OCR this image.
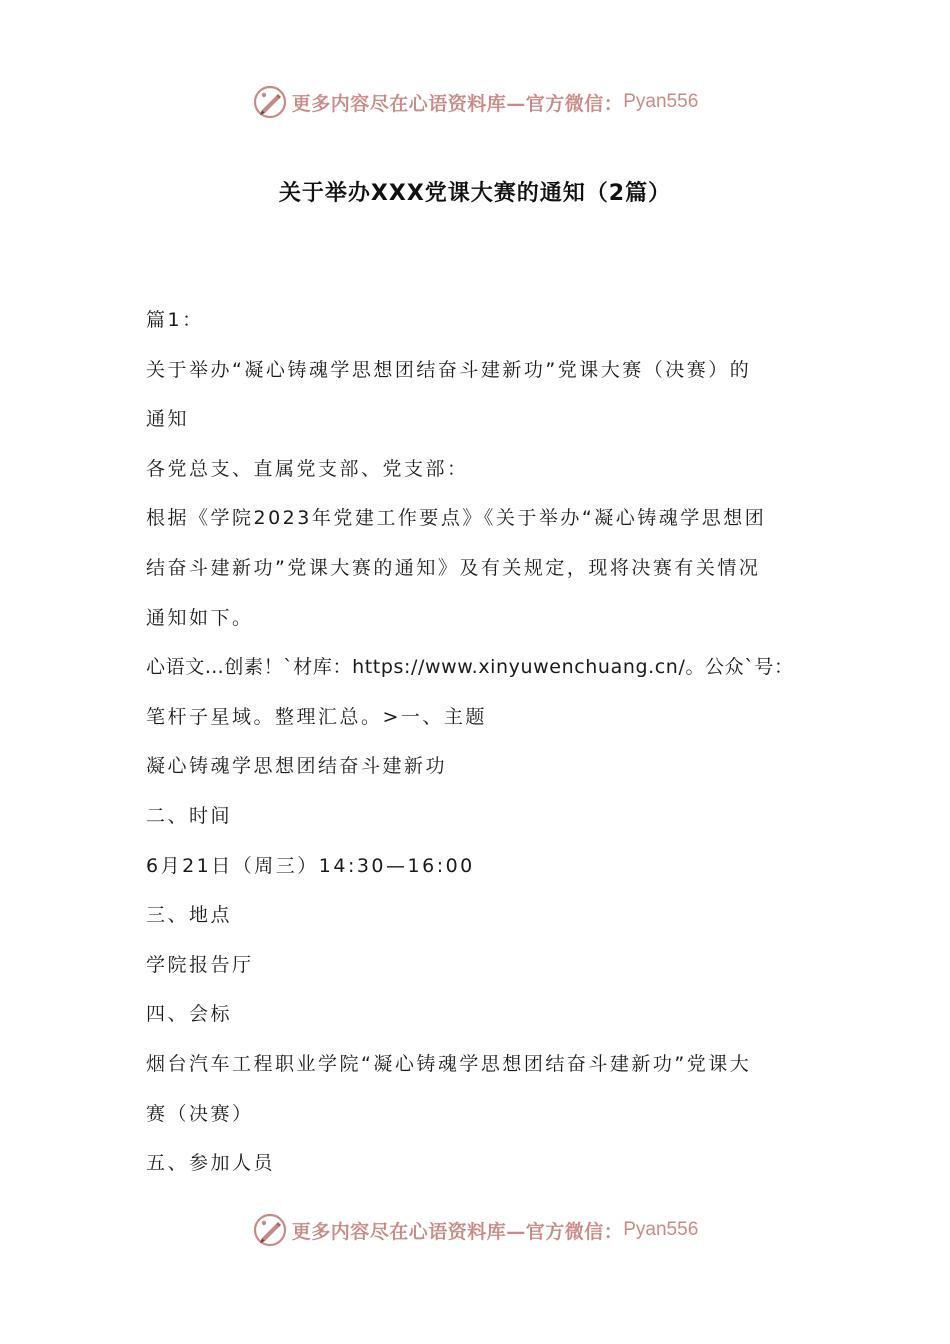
更多内容尽在心语资料库—官方微信： Pyan556
关于举办XXX党课大赛的通知（2篇）

篇1：

关于举办“凝心铸魂学思想团结奋斗建新功”党课大赛（决赛）的

通知

各党总支、直属党支部、党支部：

根据《学院2023年党建工作要点》《关于举办“凝心铸魂学思想团

结奋斗建新功”党课大赛的通知》及有关规定，现将决赛有关情况

通知如下。

心语文…创素！`材库：https://www.xinyuwenchuang.cn/。公众`号：

笔杆子星域。整理汇总。>一、主题

凝心铸魂学思想团结奋斗建新功

二、时间

6月21日（周三）14:30—16:00

三、地点

学院报告厅

四、会标

烟台汽车工程职业学院“凝心铸魂学思想团结奋斗建新功”党课大

赛（决赛）

五、参加人员

更多内容尽在心语资料库—官方微信： Pyan556
